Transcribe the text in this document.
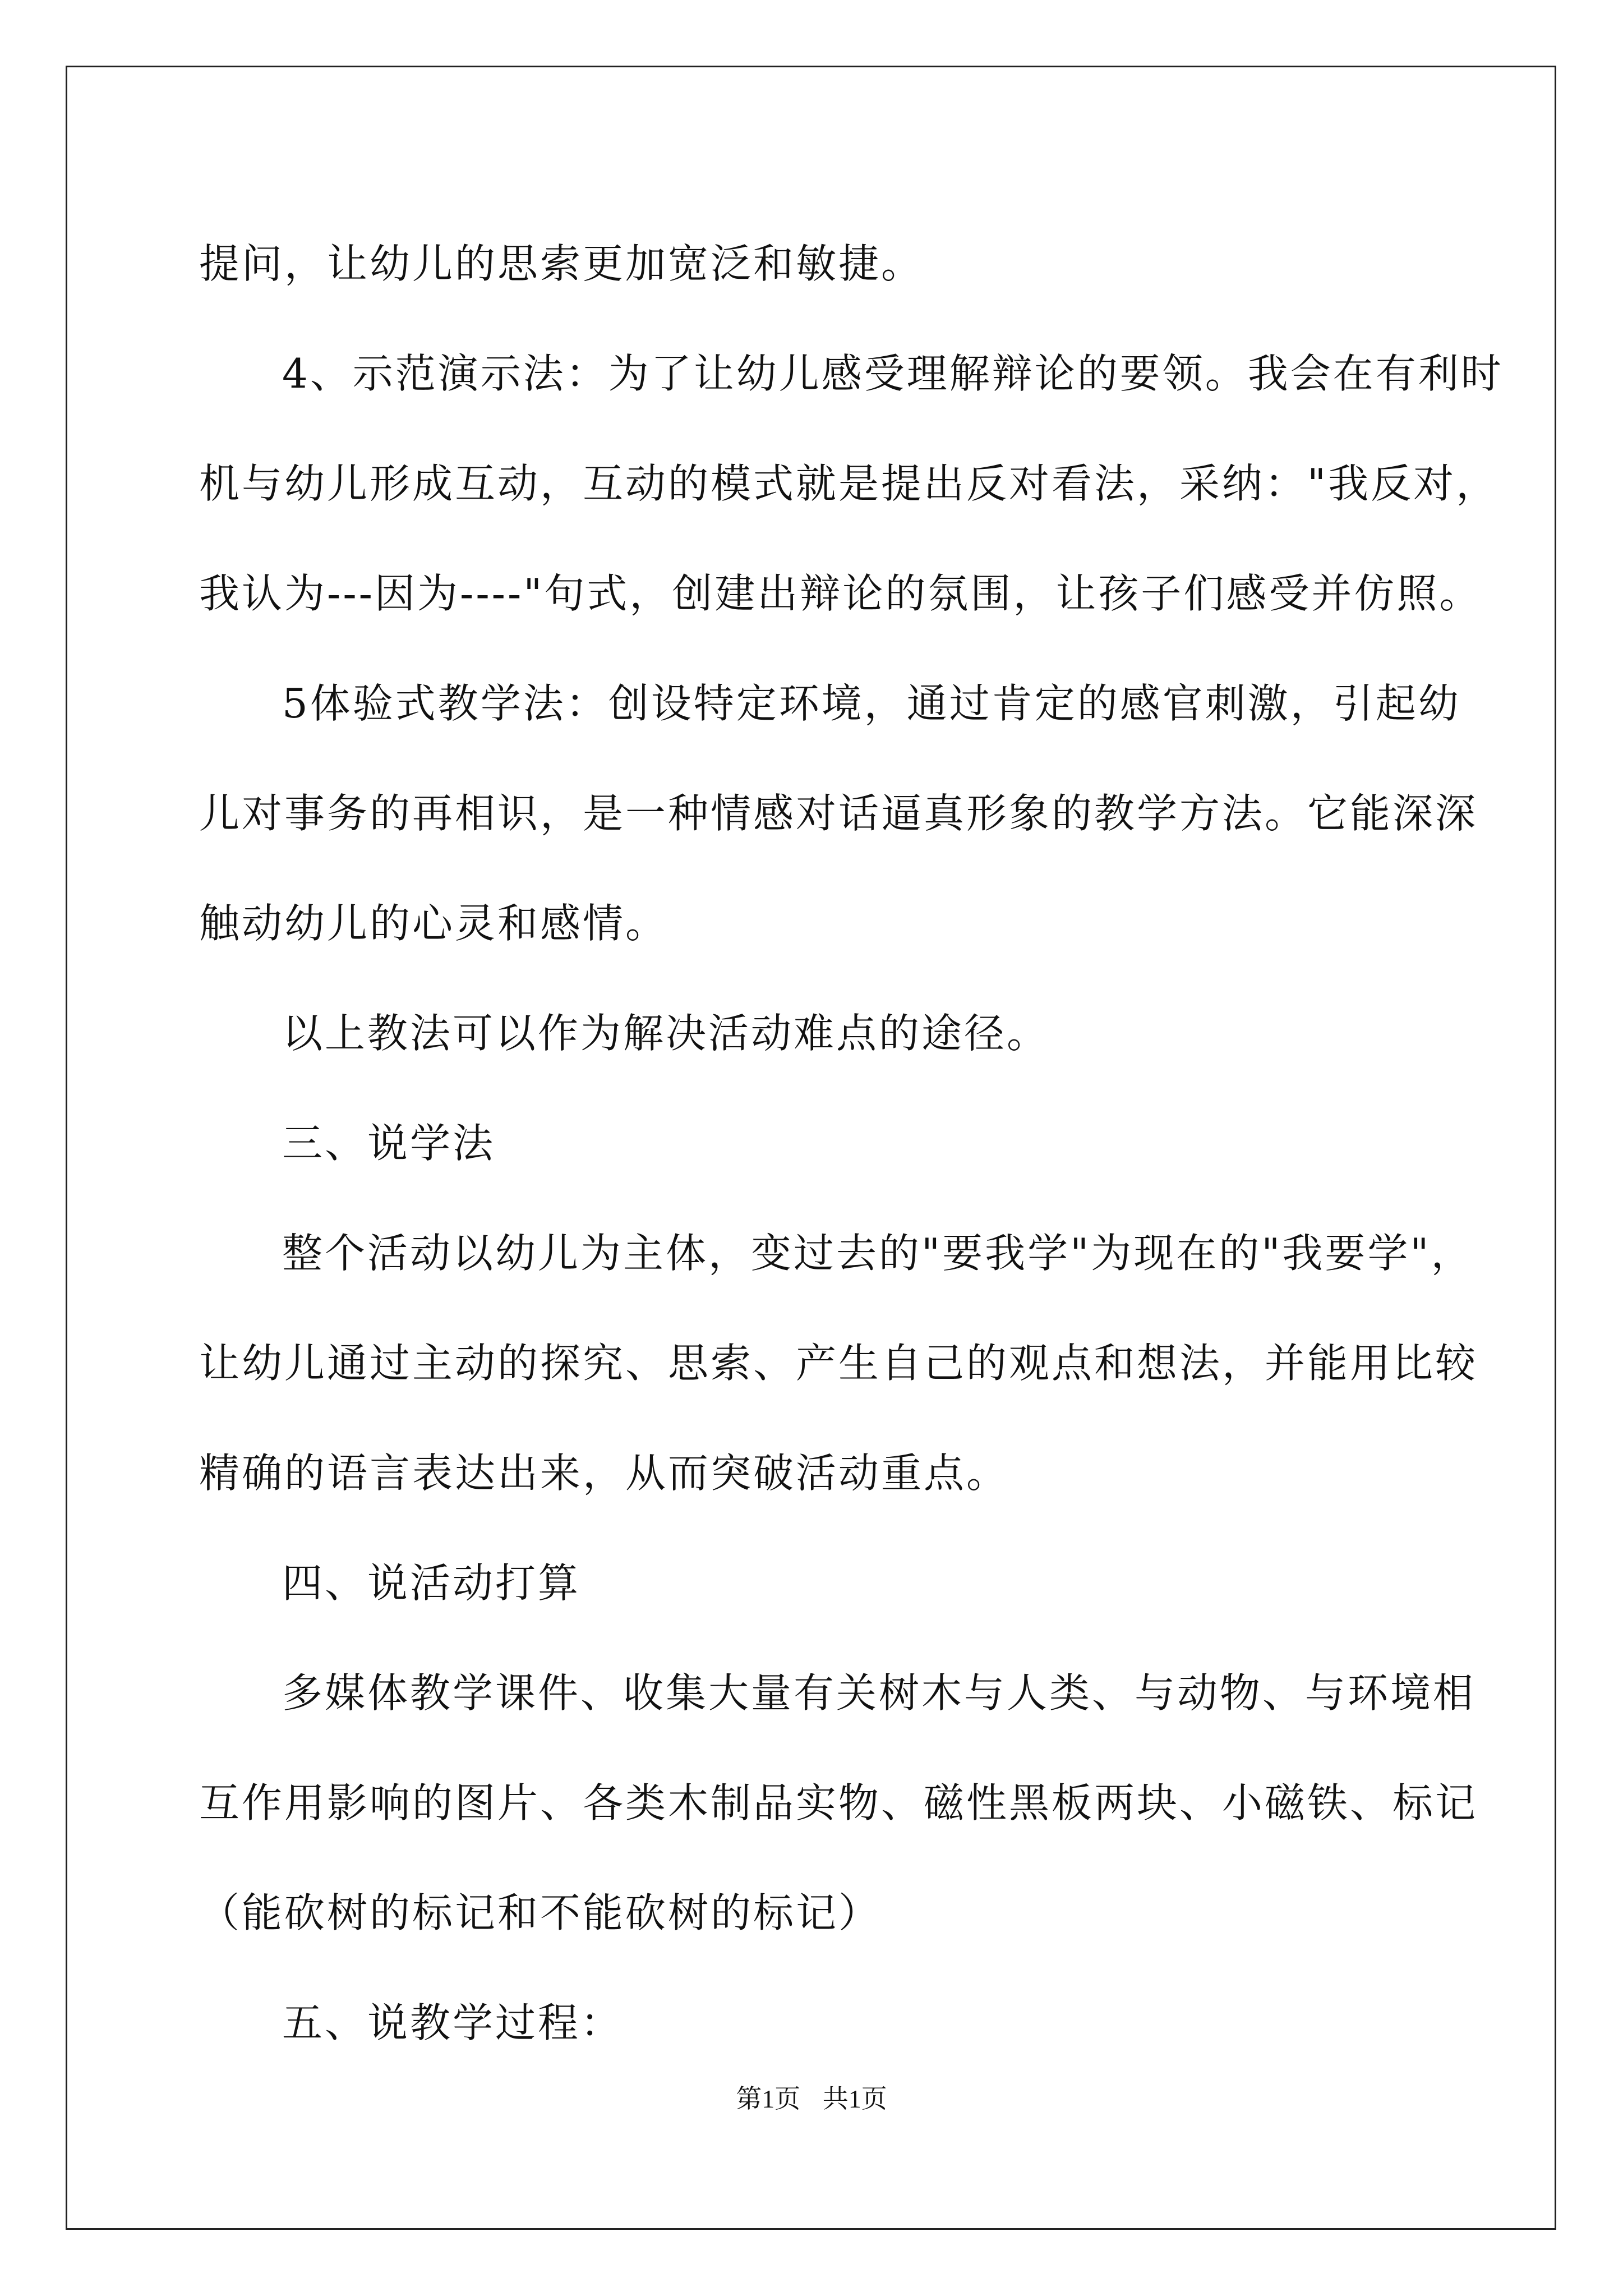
提问，让幼儿的思索更加宽泛和敏捷。

4、示范演示法：为了让幼儿感受理解辩论的要领。我会在有利时

机与幼儿形成互动，互动的模式就是提出反对看法，采纳："我反对，

我认为---因为----"句式，创建出辩论的氛围，让孩子们感受并仿照。

5体验式教学法：创设特定环境，通过肯定的感官刺激，引起幼

儿对事务的再相识，是一种情感对话逼真形象的教学方法。它能深深

触动幼儿的心灵和感情。

以上教法可以作为解决活动难点的途径。

三、说学法

整个活动以幼儿为主体，变过去的"要我学"为现在的"我要学"，

让幼儿通过主动的探究、思索、产生自己的观点和想法，并能用比较

精确的语言表达出来，从而突破活动重点。

四、说活动打算

多媒体教学课件、收集大量有关树木与人类、与动物、与环境相

互作用影响的图片、各类木制品实物、磁性黑板两块、小磁铁、标记

（能砍树的标记和不能砍树的标记）

五、说教学过程：

第1页 共1页
